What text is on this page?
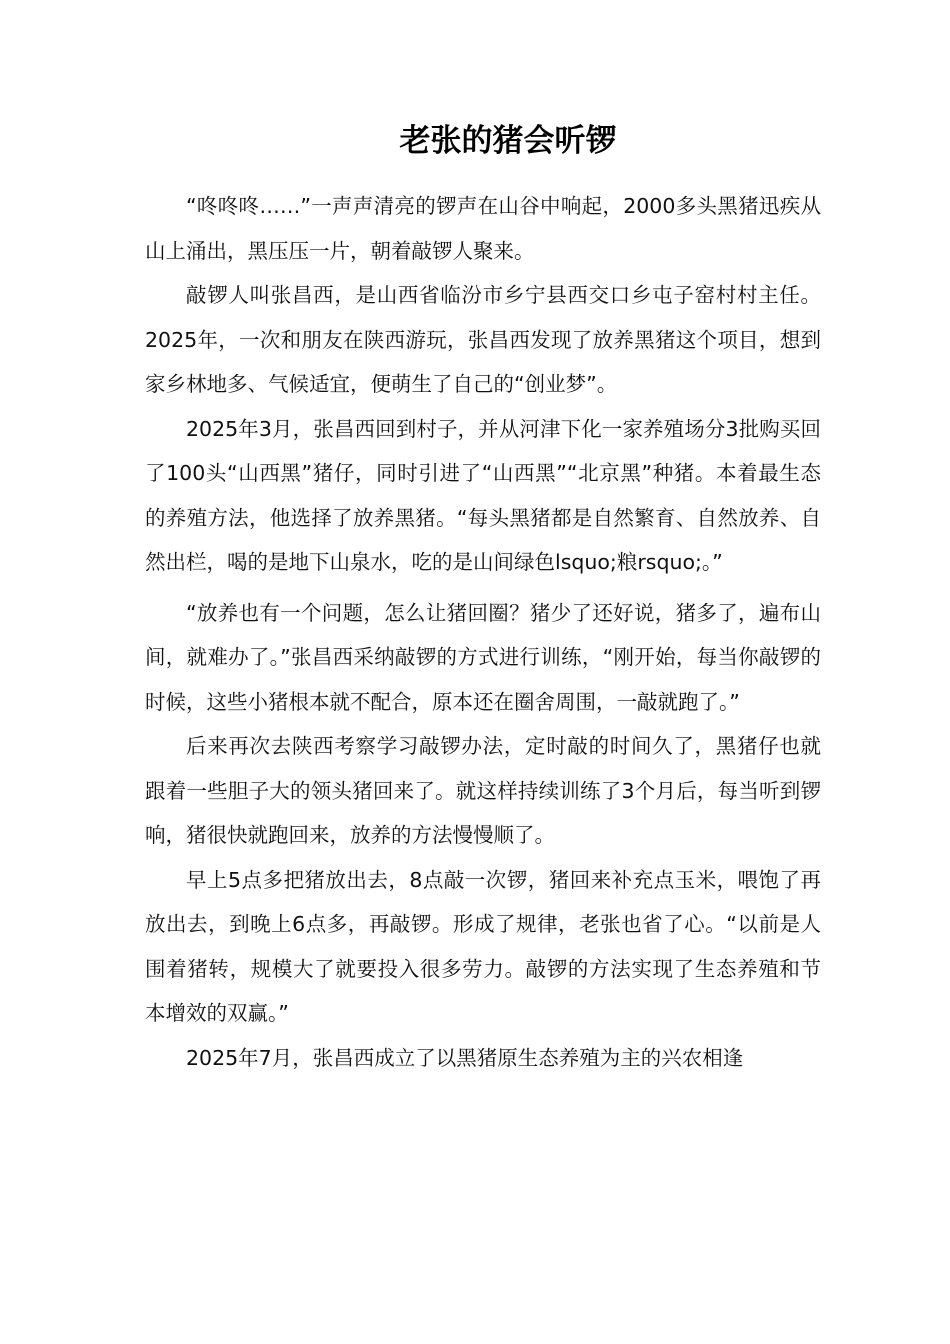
老张的猪会听锣

“咚咚咚……”一声声清亮的锣声在山谷中响起，2000多头黑猪迅疾从山上涌出，黑压压一片，朝着敲锣人聚来。

敲锣人叫张昌西，是山西省临汾市乡宁县西交口乡屯子窑村村主任。2025年，一次和朋友在陕西游玩，张昌西发现了放养黑猪这个项目，想到家乡林地多、气候适宜，便萌生了自己的“创业梦”。

2025年3月，张昌西回到村子，并从河津下化一家养殖场分3批购买回了100头“山西黑”猪仔，同时引进了“山西黑”“北京黑”种猪。本着最生态的养殖方法，他选择了放养黑猪。“每头黑猪都是自然繁育、自然放养、自然出栏，喝的是地下山泉水，吃的是山间绿色lsquo;粮rsquo;。”

“放养也有一个问题，怎么让猪回圈？猪少了还好说，猪多了，遍布山间，就难办了。”张昌西采纳敲锣的方式进行训练，“刚开始，每当你敲锣的时候，这些小猪根本就不配合，原本还在圈舍周围，一敲就跑了。”

后来再次去陕西考察学习敲锣办法，定时敲的时间久了，黑猪仔也就跟着一些胆子大的领头猪回来了。就这样持续训练了3个月后，每当听到锣响，猪很快就跑回来，放养的方法慢慢顺了。

早上5点多把猪放出去，8点敲一次锣，猪回来补充点玉米，喂饱了再放出去，到晚上6点多，再敲锣。形成了规律，老张也省了心。“以前是人围着猪转，规模大了就要投入很多劳力。敲锣的方法实现了生态养殖和节本增效的双赢。”

2025年7月，张昌西成立了以黑猪原生态养殖为主的兴农相逢
